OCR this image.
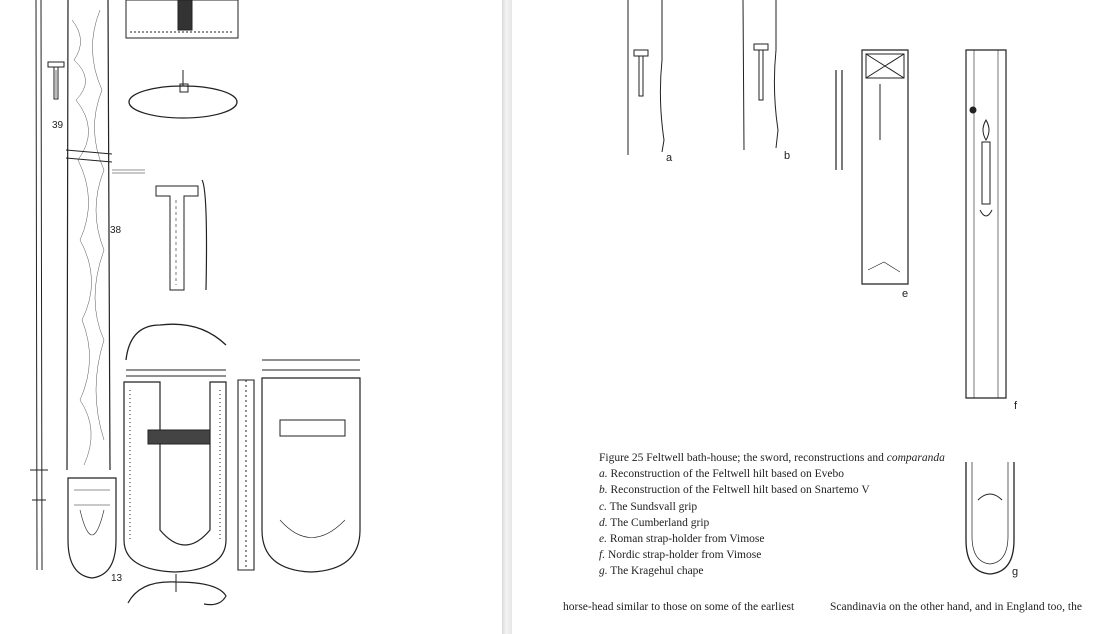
39
38
13
a	b
e
f
g
Figure 25 Feltwell bath-house; the sword, reconstructions and comparanda
a. Reconstruction of the Feltwell hilt based on Evebo
b. Reconstruction of the Feltwell hilt based on Snartemo V
c. The Sundsvall grip
d. The Cumberland grip
e. Roman strap-holder from Vimose
f. Nordic strap-holder from Vimose
g. The Kragehul chape
horse-head similar to those on some of the earliest	Scandinavia on the other hand, and in England too, the
